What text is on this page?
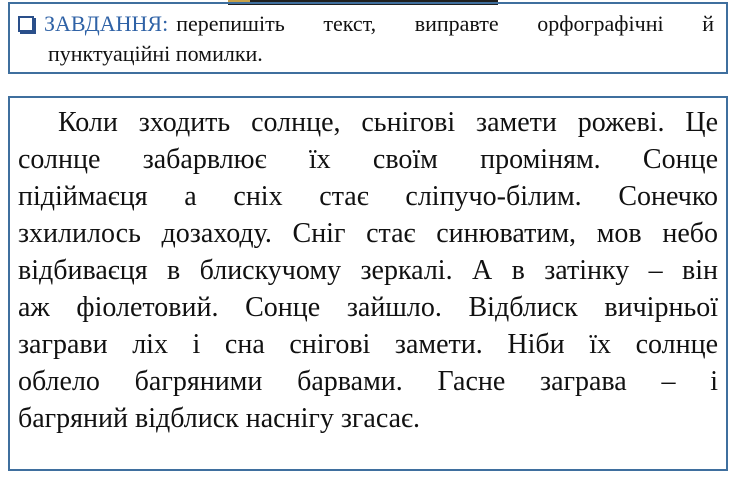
ЗАВДАННЯ: перепишіть текст, виправте орфографічні й
пунктуаційні помилки.
Коли зходить солнце, сьнігові замети рожеві. Це
солнце забарвлює їх своїм проміням. Сонце
підіймаєця а сніх стає сліпучо-білим. Сонечко
зхилилось дозаходу. Сніг стає синюватим, мов небо
відбиваєця в блискучому зеркалі. А в затінку – він
аж фіолетовий. Сонце зайшло. Відблиск вичірньої
заграви ліх і сна снігові замети. Ніби їх солнце
облело багряними барвами. Гасне заграва – і
багряний відблиск наснігу згасає.
